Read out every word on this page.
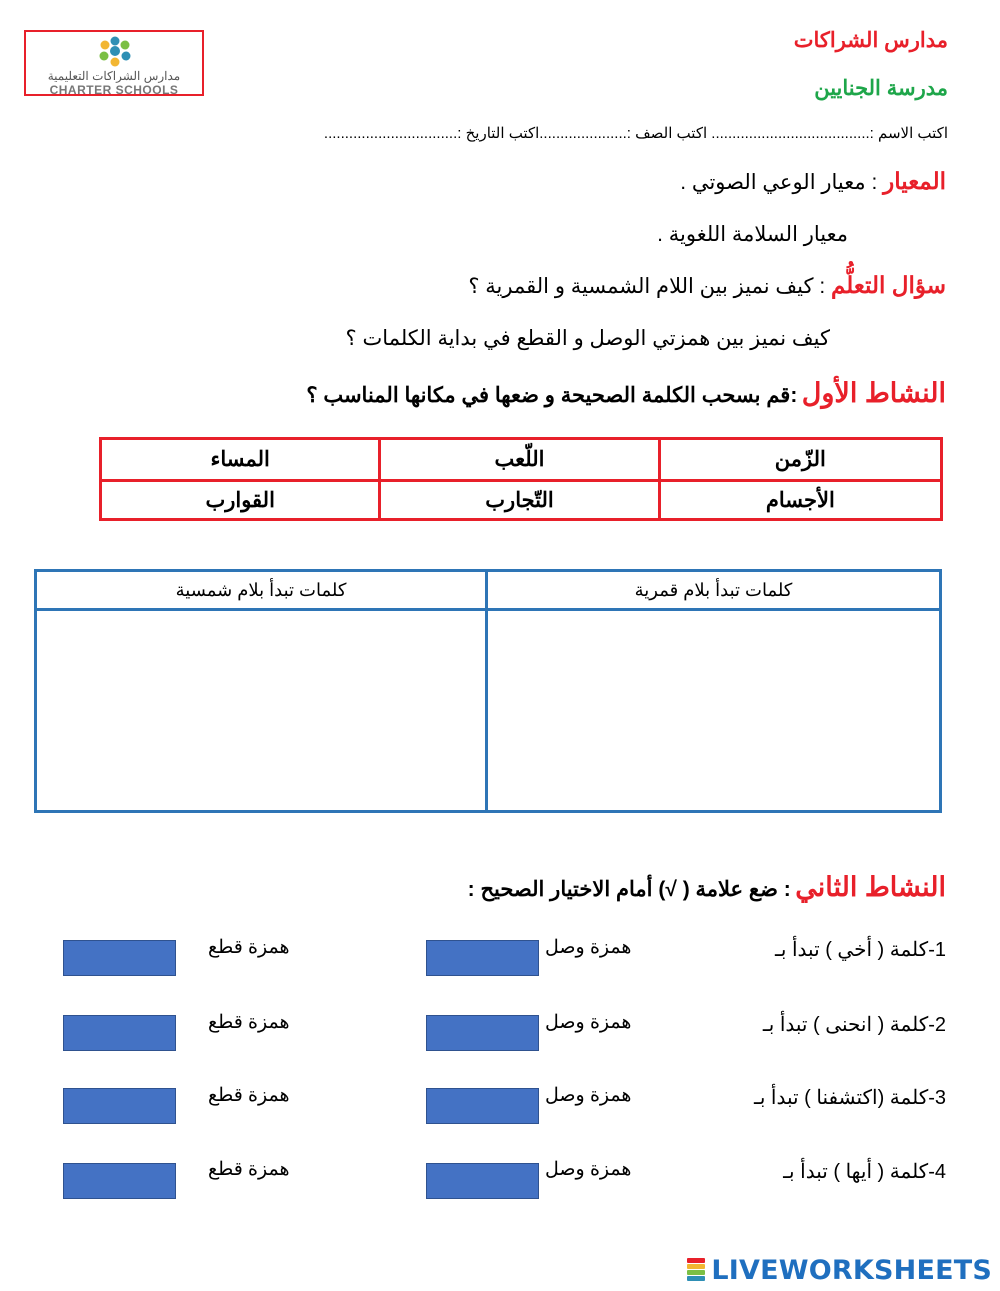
مدارس الشراكات التعليمية
CHARTER SCHOOLS
مدارس الشراكات
مدرسة الجنايين
اكتب الاسم :...................................... اكتب الصف :.....................اكتب التاريخ :................................
المعيار : معيار الوعي الصوتي .
معيار السلامة اللغوية .
سؤال التعلُّم : كيف نميز بين اللام الشمسية و القمرية ؟
كيف نميز بين همزتي الوصل و القطع في بداية الكلمات ؟
النشاط الأول :قم بسحب الكلمة الصحيحة و ضعها في مكانها المناسب ؟
الزّمن
اللّعب
المساء
الأجسام
التّجارب
القوارب
كلمات تبدأ بلام قمرية
كلمات تبدأ بلام شمسية
النشاط الثاني : ضع علامة ( √) أمام الاختيار الصحيح :
1-كلمة ( أخي ) تبدأ بـ
همزة وصل
همزة قطع
2-كلمة ( انحنى ) تبدأ بـ
همزة وصل
همزة قطع
3-كلمة (اكتشفنا ) تبدأ بـ
همزة وصل
همزة قطع
4-كلمة ( أيها ) تبدأ بـ
همزة وصل
همزة قطع
LIVEWORKSHEETS
